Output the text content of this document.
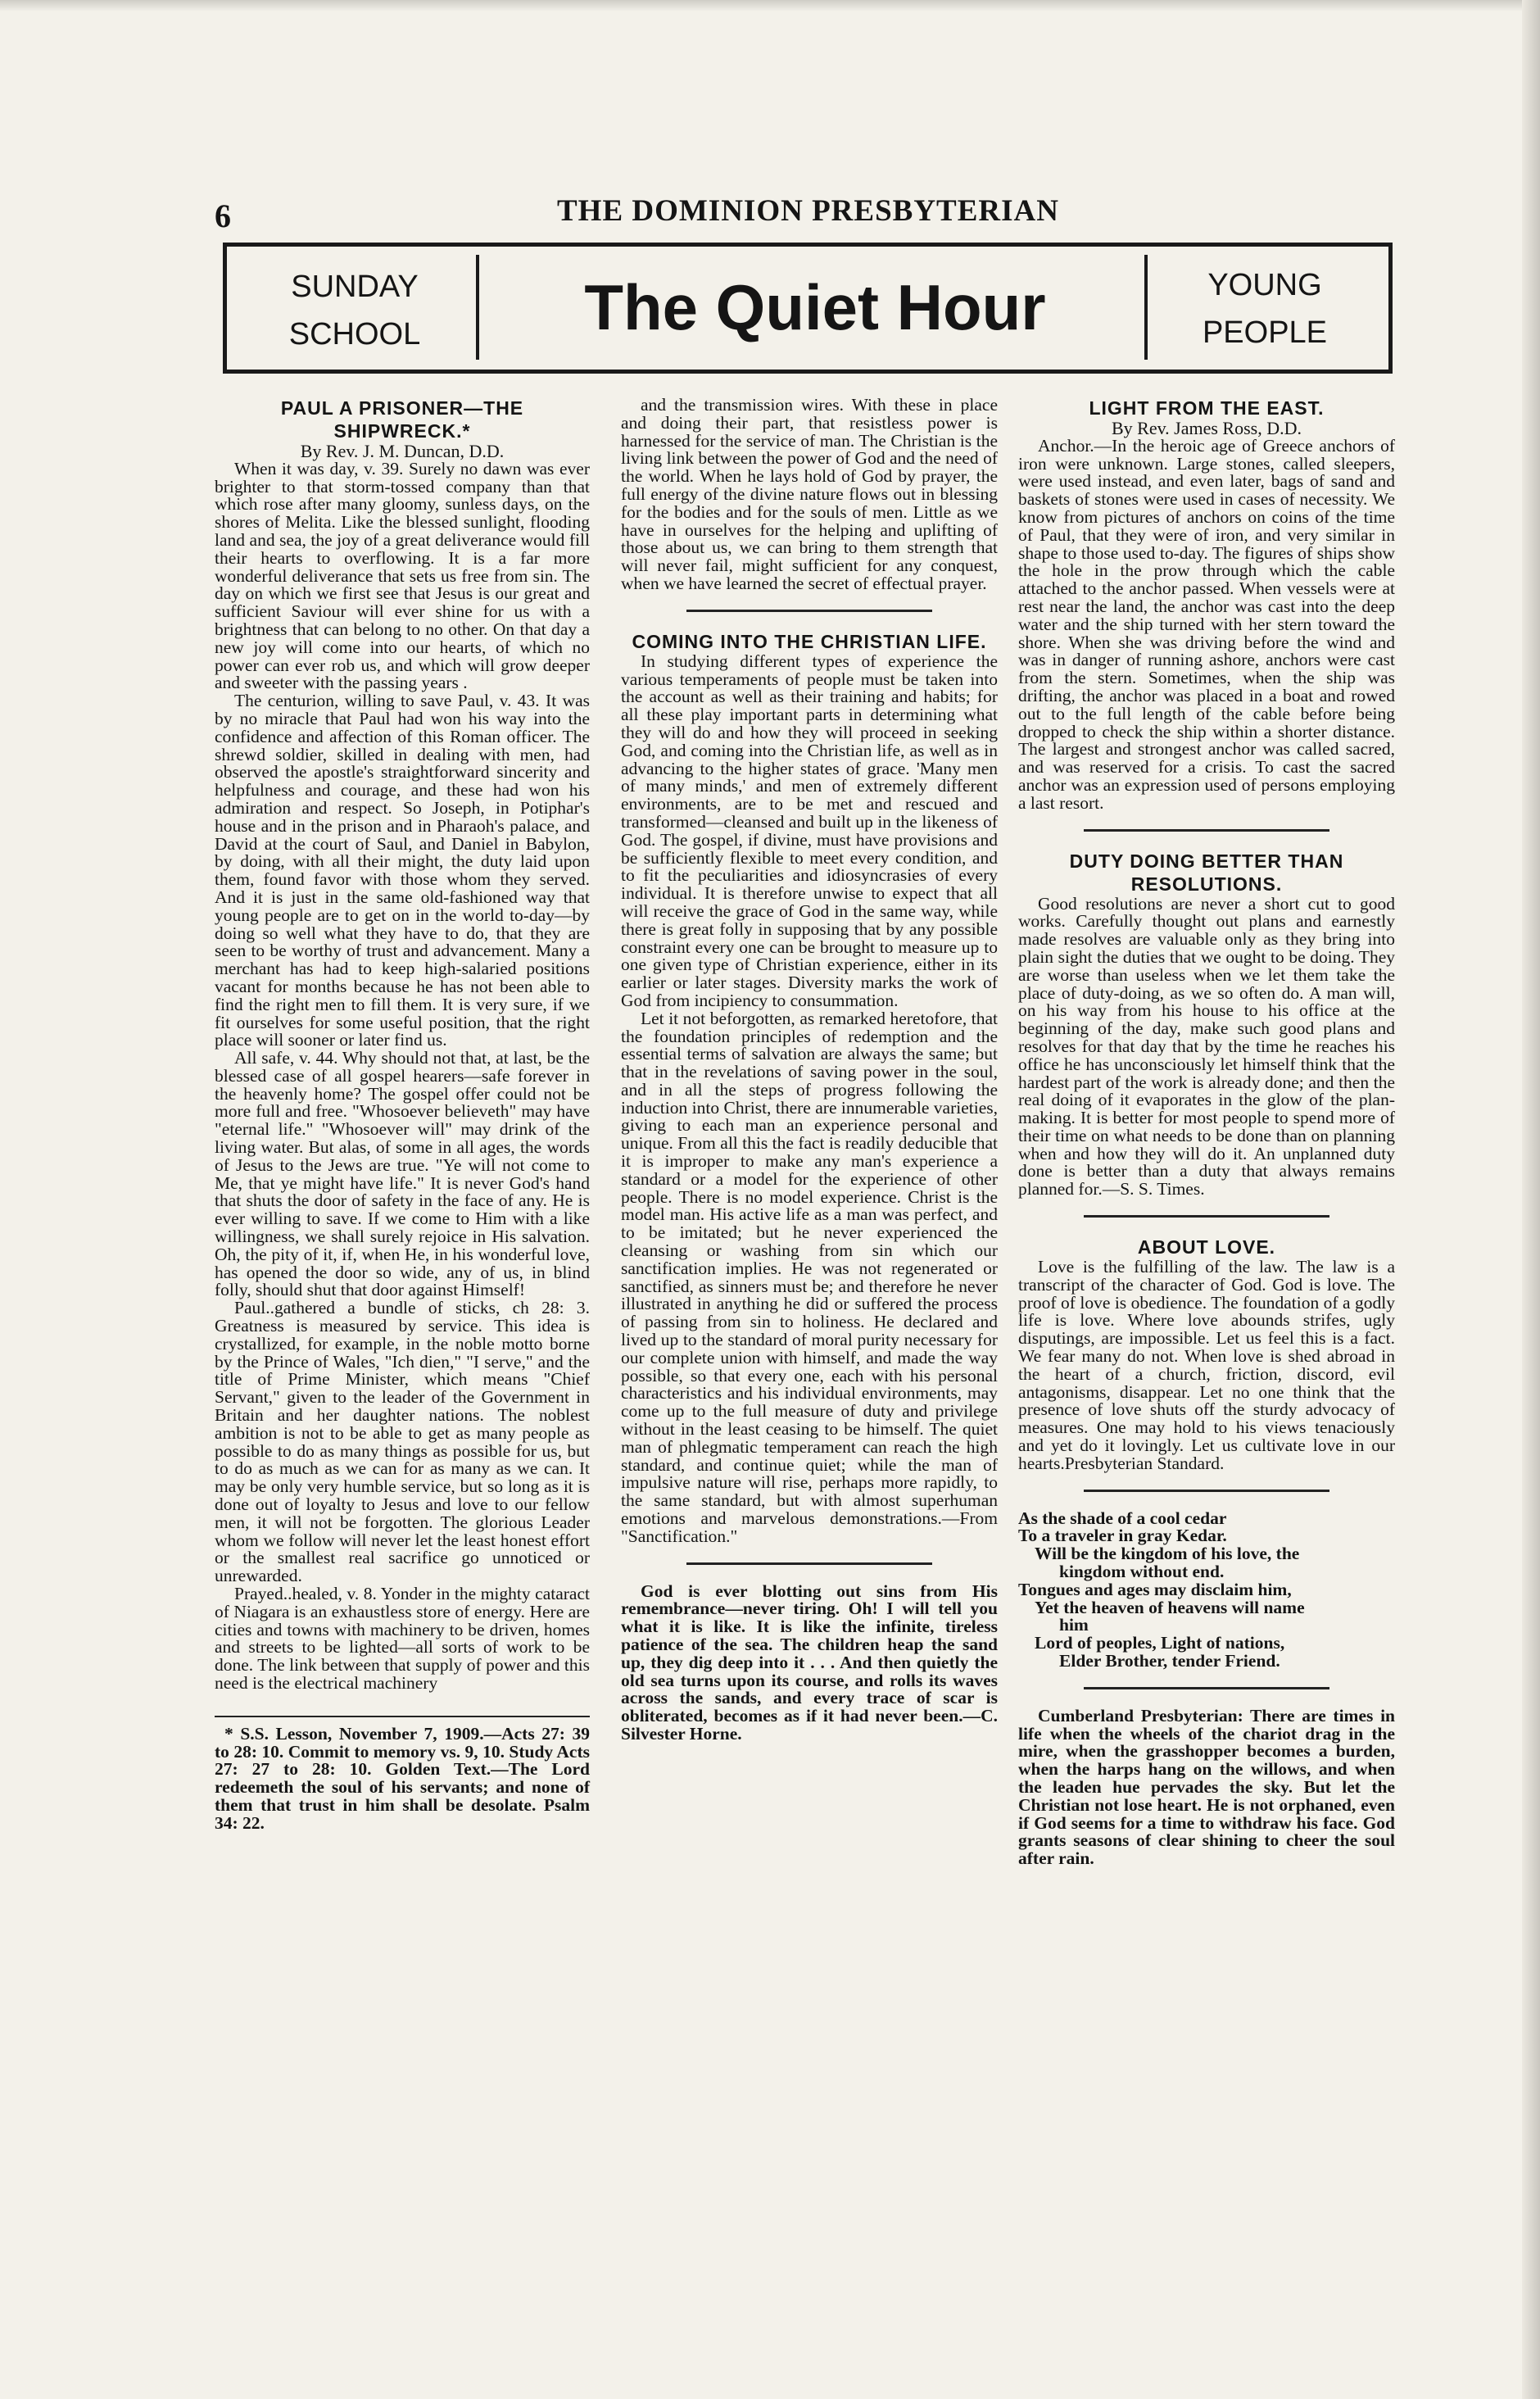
6	THE DOMINION PRESBYTERIAN
SUNDAY
SCHOOL	The Quiet Hour	YOUNG
PEOPLE

PAUL A PRISONER—THE SHIPWRECK.*

By Rev. J. M. Duncan, D.D.

When it was day, v. 39. Surely no dawn was ever brighter to that storm-tossed company than that which rose after many gloomy, sunless days, on the shores of Melita. Like the blessed sunlight, flooding land and sea, the joy of a great deliverance would fill their hearts to overflowing. It is a far more wonderful deliverance that sets us free from sin. The day on which we first see that Jesus is our great and sufficient Saviour will ever shine for us with a brightness that can belong to no other. On that day a new joy will come into our hearts, of which no power can ever rob us, and which will grow deeper and sweeter with the passing years .

The centurion, willing to save Paul, v. 43. It was by no miracle that Paul had won his way into the confidence and affection of this Roman officer. The shrewd soldier, skilled in dealing with men, had observed the apostle's straightforward sincerity and helpfulness and courage, and these had won his admiration and respect. So Joseph, in Potiphar's house and in the prison and in Pharaoh's palace, and David at the court of Saul, and Daniel in Babylon, by doing, with all their might, the duty laid upon them, found favor with those whom they served. And it is just in the same old-fashioned way that young people are to get on in the world to-day—by doing so well what they have to do, that they are seen to be worthy of trust and advancement. Many a merchant has had to keep high-salaried positions vacant for months because he has not been able to find the right men to fill them. It is very sure, if we fit ourselves for some useful position, that the right place will sooner or later find us.

All safe, v. 44. Why should not that, at last, be the blessed case of all gospel hearers—safe forever in the heavenly home? The gospel offer could not be more full and free. "Whosoever believeth" may have "eternal life." "Whosoever will" may drink of the living water. But alas, of some in all ages, the words of Jesus to the Jews are true. "Ye will not come to Me, that ye might have life." It is never God's hand that shuts the door of safety in the face of any. He is ever willing to save. If we come to Him with a like willingness, we shall surely rejoice in His salvation. Oh, the pity of it, if, when He, in his wonderful love, has opened the door so wide, any of us, in blind folly, should shut that door against Himself!

Paul..gathered a bundle of sticks, ch 28: 3. Greatness is measured by service. This idea is crystallized, for example, in the noble motto borne by the Prince of Wales, "Ich dien," "I serve," and the title of Prime Minister, which means "Chief Servant," given to the leader of the Government in Britain and her daughter nations. The noblest ambition is not to be able to get as many people as possible to do as many things as possible for us, but to do as much as we can for as many as we can. It may be only very humble service, but so long as it is done out of loyalty to Jesus and love to our fellow men, it will not be forgotten. The glorious Leader whom we follow will never let the least honest effort or the smallest real sacrifice go unnoticed or unrewarded.

Prayed..healed, v. 8. Yonder in the mighty cataract of Niagara is an exhaustless store of energy. Here are cities and towns with machinery to be driven, homes and streets to be lighted—all sorts of work to be done. The link between that supply of power and this need is the electrical machinery

* S.S. Lesson, November 7, 1909.—Acts 27: 39 to 28: 10. Commit to memory vs. 9, 10. Study Acts 27: 27 to 28: 10. Golden Text.—The Lord redeemeth the soul of his servants; and none of them that trust in him shall be desolate. Psalm 34: 22.

and the transmission wires. With these in place and doing their part, that resistless power is harnessed for the service of man. The Christian is the living link between the power of God and the need of the world. When he lays hold of God by prayer, the full energy of the divine nature flows out in blessing for the bodies and for the souls of men. Little as we have in ourselves for the helping and uplifting of those about us, we can bring to them strength that will never fail, might sufficient for any conquest, when we have learned the secret of effectual prayer.

COMING INTO THE CHRISTIAN LIFE.

In studying different types of experience the various temperaments of people must be taken into the account as well as their training and habits; for all these play important parts in determining what they will do and how they will proceed in seeking God, and coming into the Christian life, as well as in advancing to the higher states of grace. 'Many men of many minds,' and men of extremely different environments, are to be met and rescued and transformed—cleansed and built up in the likeness of God. The gospel, if divine, must have provisions and be sufficiently flexible to meet every condition, and to fit the peculiarities and idiosyncrasies of every individual. It is therefore unwise to expect that all will receive the grace of God in the same way, while there is great folly in supposing that by any possible constraint every one can be brought to measure up to one given type of Christian experience, either in its earlier or later stages. Diversity marks the work of God from incipiency to consummation.

Let it not beforgotten, as remarked heretofore, that the foundation principles of redemption and the essential terms of salvation are always the same; but that in the revelations of saving power in the soul, and in all the steps of progress following the induction into Christ, there are innumerable varieties, giving to each man an experience personal and unique. From all this the fact is readily deducible that it is improper to make any man's experience a standard or a model for the experience of other people. There is no model experience. Christ is the model man. His active life as a man was perfect, and to be imitated; but he never experienced the cleansing or washing from sin which our sanctification implies. He was not regenerated or sanctified, as sinners must be; and therefore he never illustrated in anything he did or suffered the process of passing from sin to holiness. He declared and lived up to the standard of moral purity necessary for our complete union with himself, and made the way possible, so that every one, each with his personal characteristics and his individual environments, may come up to the full measure of duty and privilege without in the least ceasing to be himself. The quiet man of phlegmatic temperament can reach the high standard, and continue quiet; while the man of impulsive nature will rise, perhaps more rapidly, to the same standard, but with almost superhuman emotions and marvelous demonstrations.—From "Sanctification."

God is ever blotting out sins from His remembrance—never tiring. Oh! I will tell you what it is like. It is like the infinite, tireless patience of the sea. The children heap the sand up, they dig deep into it . . . And then quietly the old sea turns upon its course, and rolls its waves across the sands, and every trace of scar is obliterated, becomes as if it had never been.—C. Silvester Horne.

LIGHT FROM THE EAST.

By Rev. James Ross, D.D.

Anchor.—In the heroic age of Greece anchors of iron were unknown. Large stones, called sleepers, were used instead, and even later, bags of sand and baskets of stones were used in cases of necessity. We know from pictures of anchors on coins of the time of Paul, that they were of iron, and very similar in shape to those used to-day. The figures of ships show the hole in the prow through which the cable attached to the anchor passed. When vessels were at rest near the land, the anchor was cast into the deep water and the ship turned with her stern toward the shore. When she was driving before the wind and was in danger of running ashore, anchors were cast from the stern. Sometimes, when the ship was drifting, the anchor was placed in a boat and rowed out to the full length of the cable before being dropped to check the ship within a shorter distance. The largest and strongest anchor was called sacred, and was reserved for a crisis. To cast the sacred anchor was an expression used of persons employing a last resort.

DUTY DOING BETTER THAN RESOLUTIONS.

Good resolutions are never a short cut to good works. Carefully thought out plans and earnestly made resolves are valuable only as they bring into plain sight the duties that we ought to be doing. They are worse than useless when we let them take the place of duty-doing, as we so often do. A man will, on his way from his house to his office at the beginning of the day, make such good plans and resolves for that day that by the time he reaches his office he has unconsciously let himself think that the hardest part of the work is already done; and then the real doing of it evaporates in the glow of the plan-making. It is better for most people to spend more of their time on what needs to be done than on planning when and how they will do it. An unplanned duty done is better than a duty that always remains planned for.—S. S. Times.

ABOUT LOVE.

Love is the fulfilling of the law. The law is a transcript of the character of God. God is love. The proof of love is obedience. The foundation of a godly life is love. Where love abounds strifes, ugly disputings, are impossible. Let us feel this is a fact. We fear many do not. When love is shed abroad in the heart of a church, friction, discord, evil antagonisms, disappear. Let no one think that the presence of love shuts off the sturdy advocacy of measures. One may hold to his views tenaciously and yet do it lovingly. Let us cultivate love in our hearts.Presbyterian Standard.

As the shade of a cool cedar

To a traveler in gray Kedar.

Will be the kingdom of his love, the

kingdom without end.

Tongues and ages may disclaim him,

Yet the heaven of heavens will name

him

Lord of peoples, Light of nations,

Elder Brother, tender Friend.

Cumberland Presbyterian: There are times in life when the wheels of the chariot drag in the mire, when the grasshopper becomes a burden, when the harps hang on the willows, and when the leaden hue pervades the sky. But let the Christian not lose heart. He is not orphaned, even if God seems for a time to withdraw his face. God grants seasons of clear shining to cheer the soul after rain.
